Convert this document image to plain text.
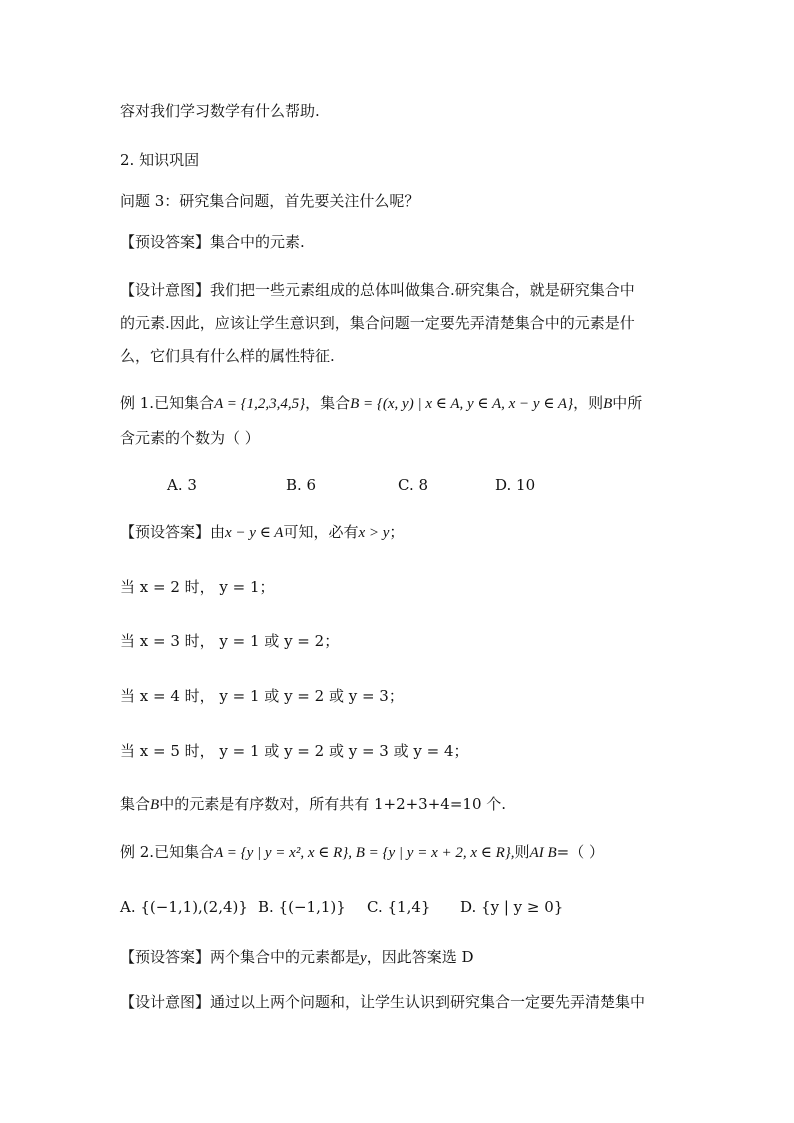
容对我们学习数学有什么帮助.
2. 知识巩固
问题 3：研究集合问题，首先要关注什么呢？
【预设答案】集合中的元素.
【设计意图】我们把一些元素组成的总体叫做集合.研究集合，就是研究集合中
的元素.因此，应该让学生意识到，集合问题一定要先弄清楚集合中的元素是什
么，它们具有什么样的属性特征.
例 1.已知集合A = {1,2,3,4,5}，集合B = {(x, y) | x ∈ A, y ∈ A, x − y ∈ A}，则B中所
含元素的个数为（ ）
A. 3	B. 6	C. 8	D. 10
【预设答案】由x − y ∈ A可知，必有x > y；
当 x = 2 时， y = 1；
当 x = 3 时， y = 1 或 y = 2；
当 x = 4 时， y = 1 或 y = 2 或 y = 3；
当 x = 5 时， y = 1 或 y = 2 或 y = 3 或 y = 4；
集合B中的元素是有序数对，所有共有 1+2+3+4=10 个.
例 2.已知集合A = {y | y = x², x ∈ R}, B = {y | y = x + 2, x ∈ R},则AI B=（ ）
A. {(−1,1),(2,4)} B. {(−1,1)} C. {1,4} D. {y | y ≥ 0}
【预设答案】两个集合中的元素都是y，因此答案选 D
【设计意图】通过以上两个问题和，让学生认识到研究集合一定要先弄清楚集中
